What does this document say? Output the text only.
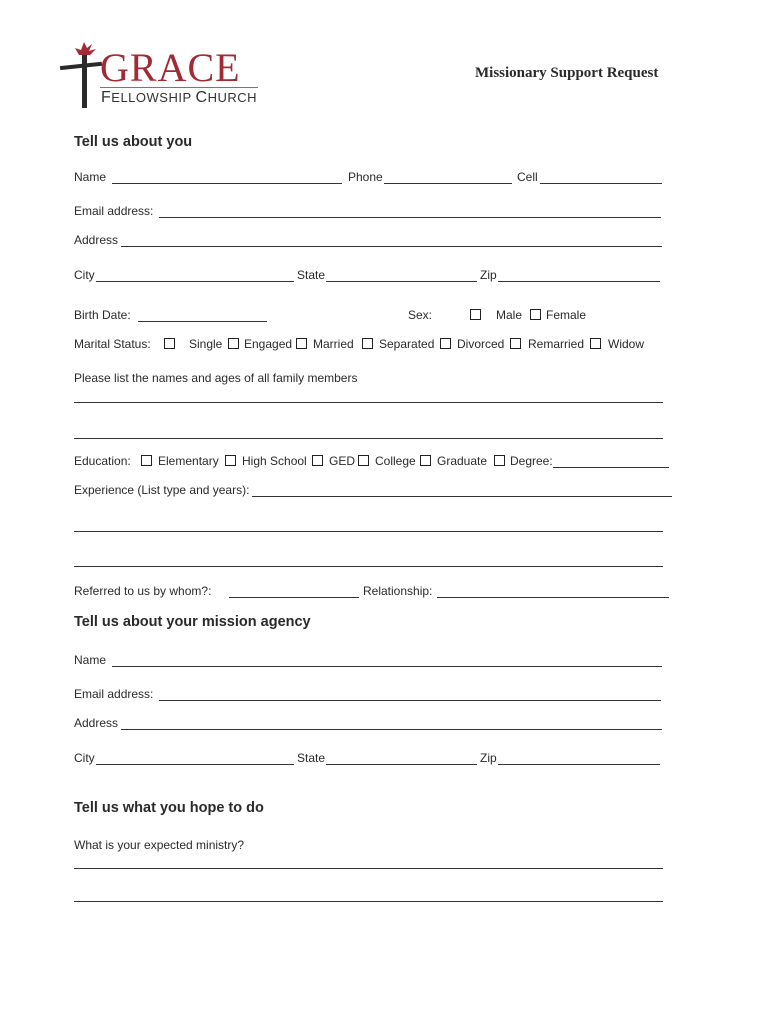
GRACE
FELLOWSHIP CHURCH
Missionary Support Request
Tell us about you
Name	Phone	Cell
Email address:
Address
City	State	Zip
Birth Date:	Sex:	Male Female
Marital Status:	Single Engaged Married Separated Divorced Remarried Widow
Please list the names and ages of all family members
Education: Elementary High School GED College Graduate Degree:
Experience (List type and years):
Referred to us by whom?:	Relationship:
Tell us about your mission agency
Name
Email address:
Address
City	State	Zip
Tell us what you hope to do
What is your expected ministry?
